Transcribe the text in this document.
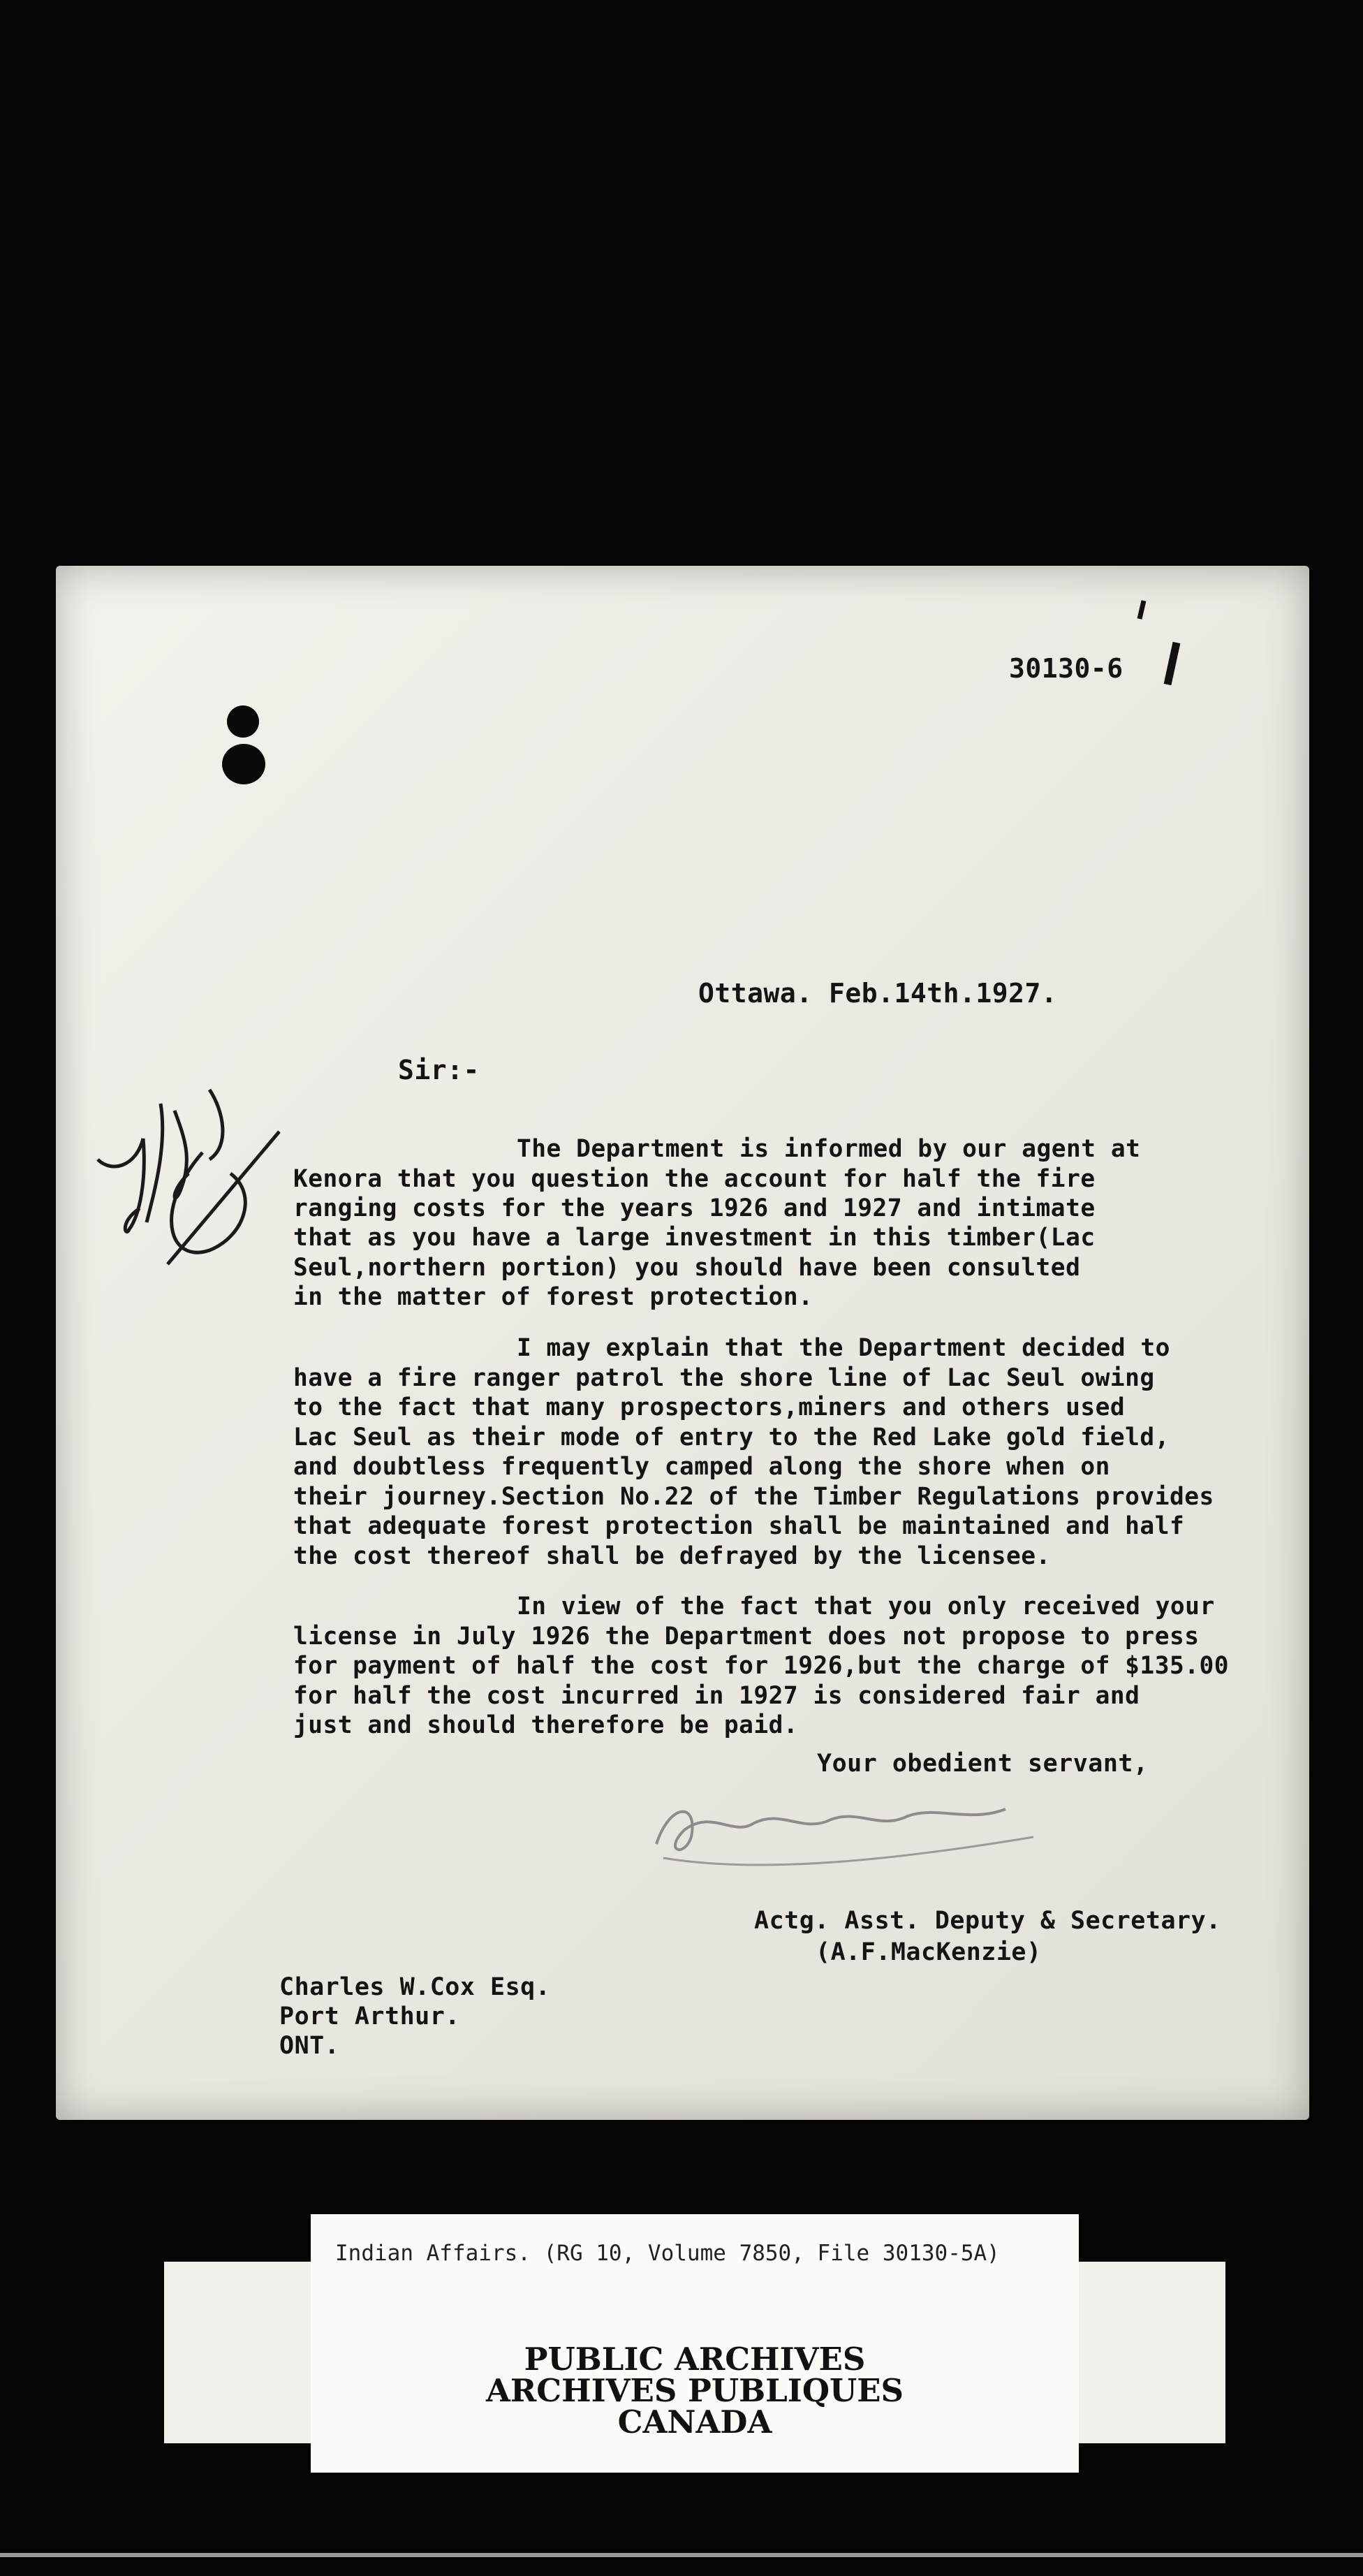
30130-6
Ottawa. Feb.14th.1927.
Sir:-
The Department is informed by our agent at
Kenora that you question the account for half the fire
ranging costs for the years 1926 and 1927 and intimate
that as you have a large investment in this timber(Lac
Seul,northern portion) you should have been consulted
in the matter of forest protection.
I may explain that the Department decided to
have a fire ranger patrol the shore line of Lac Seul owing
to the fact that many prospectors,miners and others used
Lac Seul as their mode of entry to the Red Lake gold field,
and doubtless frequently camped along the shore when on
their journey.Section No.22 of the Timber Regulations provides
that adequate forest protection shall be maintained and half
the cost thereof shall be defrayed by the licensee.
In view of the fact that you only received your
license in July 1926 the Department does not propose to press
for payment of half the cost for 1926,but the charge of $135.00
for half the cost incurred in 1927 is considered fair and
just and should therefore be paid.
Your obedient servant,
Actg. Asst. Deputy & Secretary.
(A.F.MacKenzie)
Charles W.Cox Esq.
Port Arthur.
ONT.
Indian Affairs. (RG 10, Volume 7850, File 30130-5A)
PUBLIC ARCHIVES
ARCHIVES PUBLIQUES
CANADA
